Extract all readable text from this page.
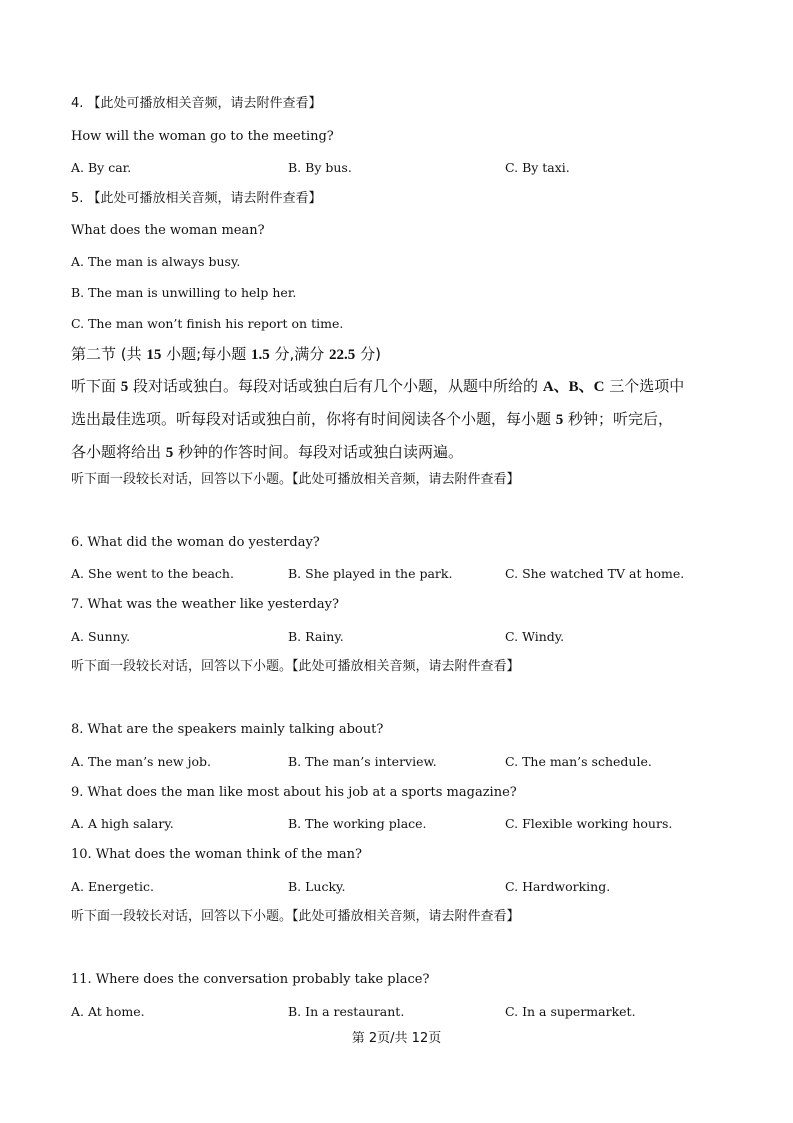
4. 【此处可播放相关音频，请去附件查看】
How will the woman go to the meeting?
A. By car.	B. By bus.	C. By taxi.
5. 【此处可播放相关音频，请去附件查看】
What does the woman mean?
A. The man is always busy.
B. The man is unwilling to help her.
C. The man won’t finish his report on time.
第二节 (共 15 小题;每小题 1.5 分,满分 22.5 分)
听下面 5 段对话或独白。每段对话或独白后有几个小题，从题中所给的 A、B、C 三个选项中
选出最佳选项。听每段对话或独白前，你将有时间阅读各个小题，每小题 5 秒钟；听完后，
各小题将给出 5 秒钟的作答时间。每段对话或独白读两遍。
听下面一段较长对话，回答以下小题。【此处可播放相关音频，请去附件查看】
6. What did the woman do yesterday?
A. She went to the beach.	B. She played in the park.	C. She watched TV at home.
7. What was the weather like yesterday?
A. Sunny.	B. Rainy.	C. Windy.
听下面一段较长对话，回答以下小题。【此处可播放相关音频，请去附件查看】
8. What are the speakers mainly talking about?
A. The man’s new job.	B. The man’s interview.	C. The man’s schedule.
9. What does the man like most about his job at a sports magazine?
A. A high salary.	B. The working place.	C. Flexible working hours.
10. What does the woman think of the man?
A. Energetic.	B. Lucky.	C. Hardworking.
听下面一段较长对话，回答以下小题。【此处可播放相关音频，请去附件查看】
11. Where does the conversation probably take place?
A. At home.	B. In a restaurant.	C. In a supermarket.
第 2页/共 12页
